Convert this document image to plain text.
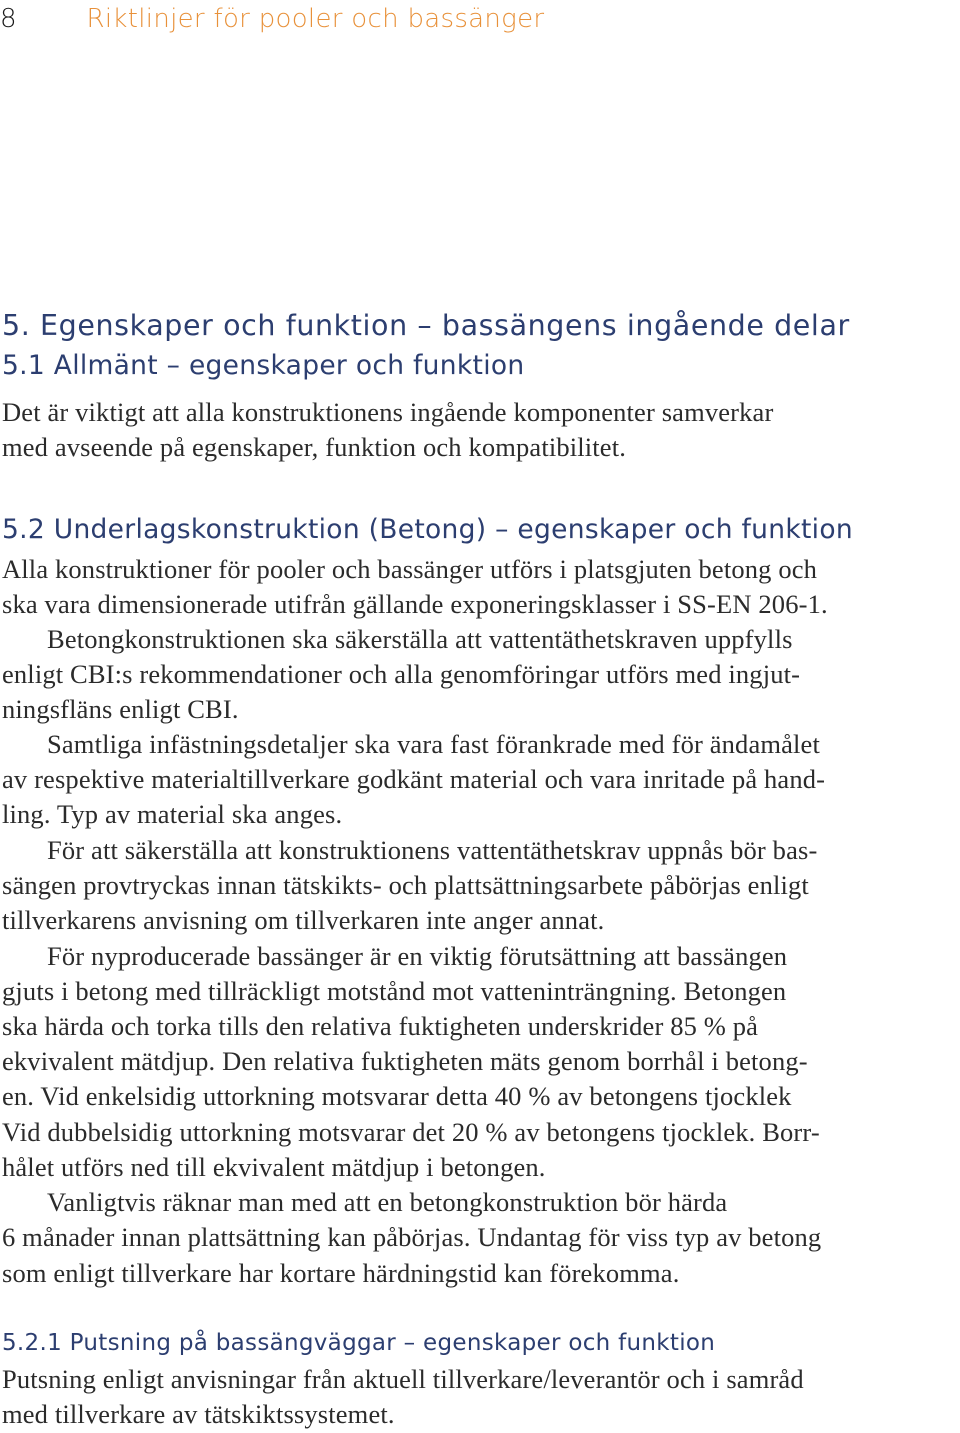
8	Riktlinjer för pooler och bassänger
5. Egenskaper och funktion – bassängens ingående delar
5.1 Allmänt – egenskaper och funktion
Det är viktigt att alla konstruktionens ingående komponenter samverkar
med avseende på egenskaper, funktion och kompatibilitet.
5.2 Underlagskonstruktion (Betong) – egenskaper och funktion
Alla konstruktioner för pooler och bassänger utförs i platsgjuten betong och
ska vara dimensionerade utifrån gällande exponeringsklasser i SS-EN 206-1.
Betongkonstruktionen ska säkerställa att vattentäthetskraven uppfylls
enligt CBI:s rekommendationer och alla genomföringar utförs med ingjut-
ningsfläns enligt CBI.
Samtliga infästningsdetaljer ska vara fast förankrade med för ändamålet
av respektive materialtillverkare godkänt material och vara inritade på hand-
ling. Typ av material ska anges.
För att säkerställa att konstruktionens vattentäthetskrav uppnås bör bas-
sängen provtryckas innan tätskikts- och plattsättningsarbete påbörjas enligt
tillverkarens anvisning om tillverkaren inte anger annat.
För nyproducerade bassänger är en viktig förutsättning att bassängen
gjuts i betong med tillräckligt motstånd mot vatteninträngning. Betongen
ska härda och torka tills den relativa fuktigheten underskrider 85 % på
ekvivalent mätdjup. Den relativa fuktigheten mäts genom borrhål i betong-
en. Vid enkelsidig uttorkning motsvarar detta 40 % av betongens tjocklek
Vid dubbelsidig uttorkning motsvarar det 20 % av betongens tjocklek. Borr-
hålet utförs ned till ekvivalent mätdjup i betongen.
Vanligtvis räknar man med att en betongkonstruktion bör härda
6 månader innan plattsättning kan påbörjas. Undantag för viss typ av betong
som enligt tillverkare har kortare härdningstid kan förekomma.
5.2.1 Putsning på bassängväggar – egenskaper och funktion
Putsning enligt anvisningar från aktuell tillverkare/leverantör och i samråd
med tillverkare av tätskiktssystemet.
